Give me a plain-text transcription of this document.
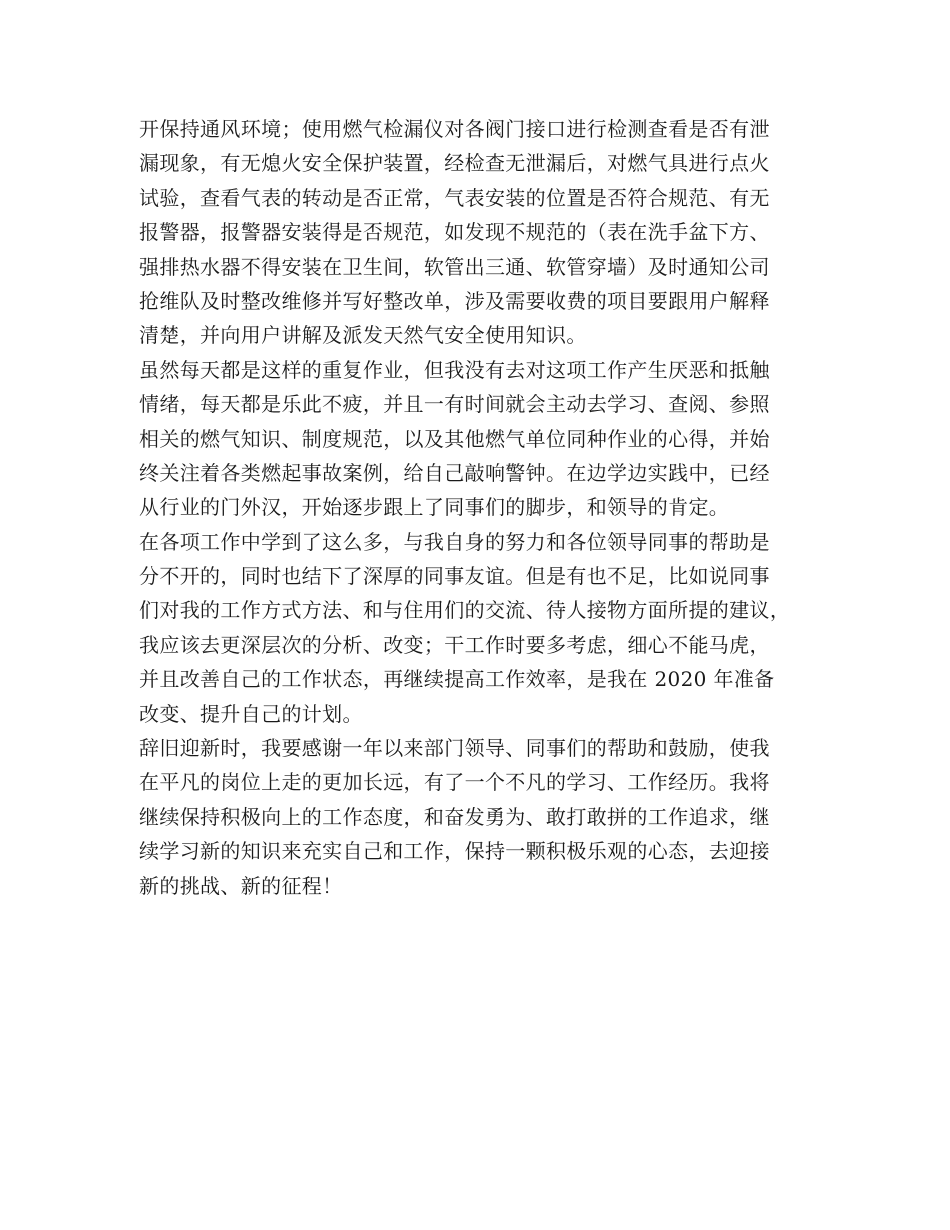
开保持通风环境；使用燃气检漏仪对各阀门接口进行检测查看是否有泄
漏现象，有无熄火安全保护装置，经检查无泄漏后，对燃气具进行点火
试验，查看气表的转动是否正常，气表安装的位置是否符合规范、有无
报警器，报警器安装得是否规范，如发现不规范的（表在洗手盆下方、
强排热水器不得安装在卫生间，软管出三通、软管穿墙）及时通知公司
抢维队及时整改维修并写好整改单，涉及需要收费的项目要跟用户解释
清楚，并向用户讲解及派发天然气安全使用知识。
虽然每天都是这样的重复作业，但我没有去对这项工作产生厌恶和抵触
情绪，每天都是乐此不疲，并且一有时间就会主动去学习、查阅、参照
相关的燃气知识、制度规范，以及其他燃气单位同种作业的心得，并始
终关注着各类燃起事故案例，给自己敲响警钟。在边学边实践中，已经
从行业的门外汉，开始逐步跟上了同事们的脚步，和领导的肯定。
在各项工作中学到了这么多，与我自身的努力和各位领导同事的帮助是
分不开的，同时也结下了深厚的同事友谊。但是有也不足，比如说同事
们对我的工作方式方法、和与住用们的交流、待人接物方面所提的建议，
我应该去更深层次的分析、改变；干工作时要多考虑，细心不能马虎，
并且改善自己的工作状态，再继续提高工作效率，是我在 2020 年准备
改变、提升自己的计划。
辞旧迎新时，我要感谢一年以来部门领导、同事们的帮助和鼓励，使我
在平凡的岗位上走的更加长远，有了一个不凡的学习、工作经历。我将
继续保持积极向上的工作态度，和奋发勇为、敢打敢拼的工作追求，继
续学习新的知识来充实自己和工作，保持一颗积极乐观的心态，去迎接
新的挑战、新的征程！
